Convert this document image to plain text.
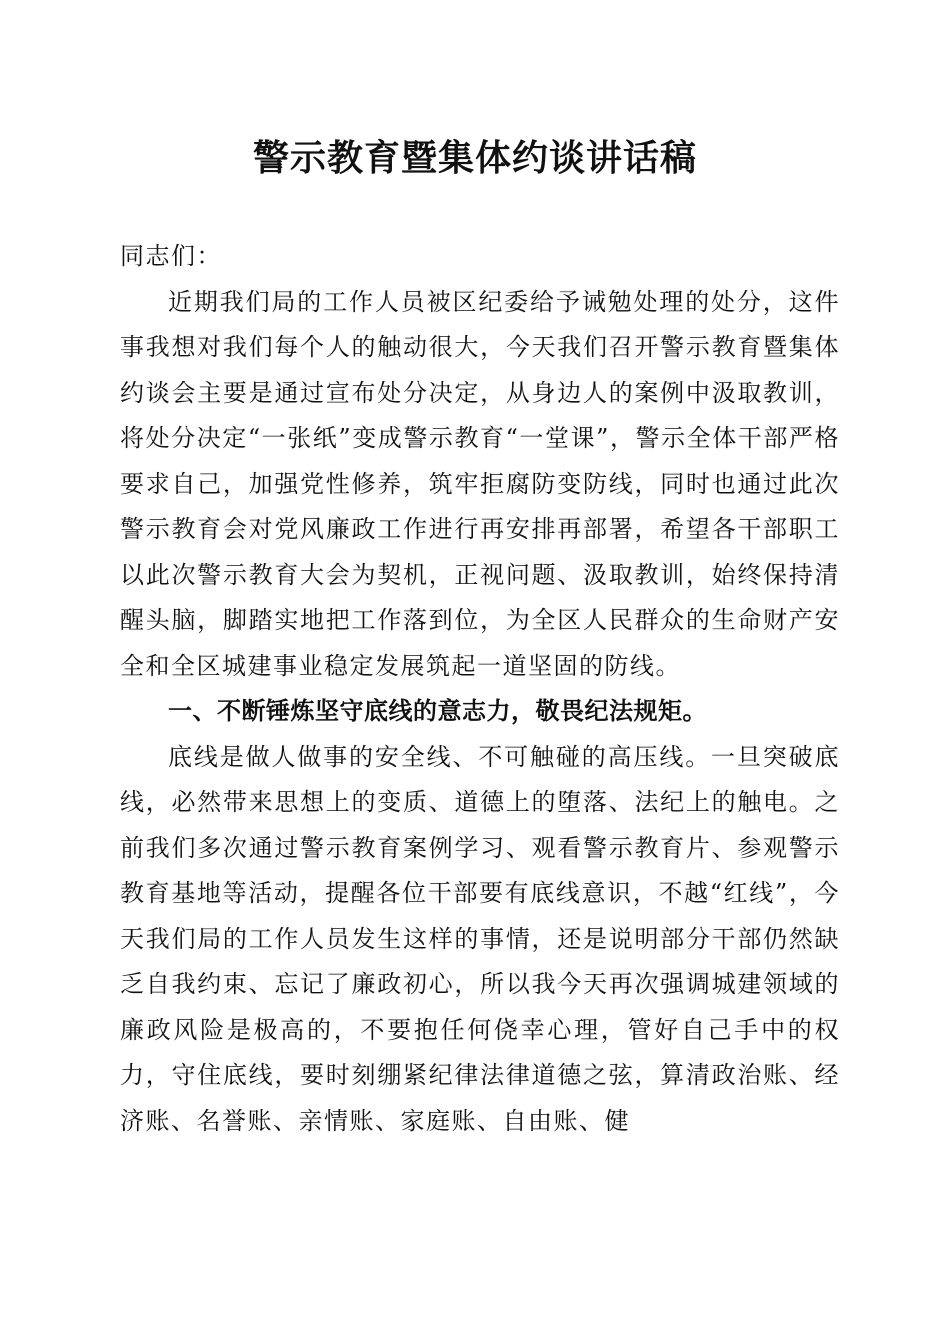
警示教育暨集体约谈讲话稿

同志们：

近期我们局的工作人员被区纪委给予诫勉处理的处分，这件事我想对我们每个人的触动很大，今天我们召开警示教育暨集体约谈会主要是通过宣布处分决定，从身边人的案例中汲取教训，将处分决定“一张纸”变成警示教育“一堂课”，警示全体干部严格要求自己，加强党性修养，筑牢拒腐防变防线，同时也通过此次警示教育会对党风廉政工作进行再安排再部署，希望各干部职工以此次警示教育大会为契机，正视问题、汲取教训，始终保持清醒头脑，脚踏实地把工作落到位，为全区人民群众的生命财产安全和全区城建事业稳定发展筑起一道坚固的防线。

一、不断锤炼坚守底线的意志力，敬畏纪法规矩。

底线是做人做事的安全线、不可触碰的高压线。一旦突破底线，必然带来思想上的变质、道德上的堕落、法纪上的触电。之前我们多次通过警示教育案例学习、观看警示教育片、参观警示教育基地等活动，提醒各位干部要有底线意识，不越“红线”，今天我们局的工作人员发生这样的事情，还是说明部分干部仍然缺乏自我约束、忘记了廉政初心，所以我今天再次强调城建领域的廉政风险是极高的，不要抱任何侥幸心理，管好自己手中的权力，守住底线，要时刻绷紧纪律法律道德之弦，算清政治账、经济账、名誉账、亲情账、家庭账、自由账、健
